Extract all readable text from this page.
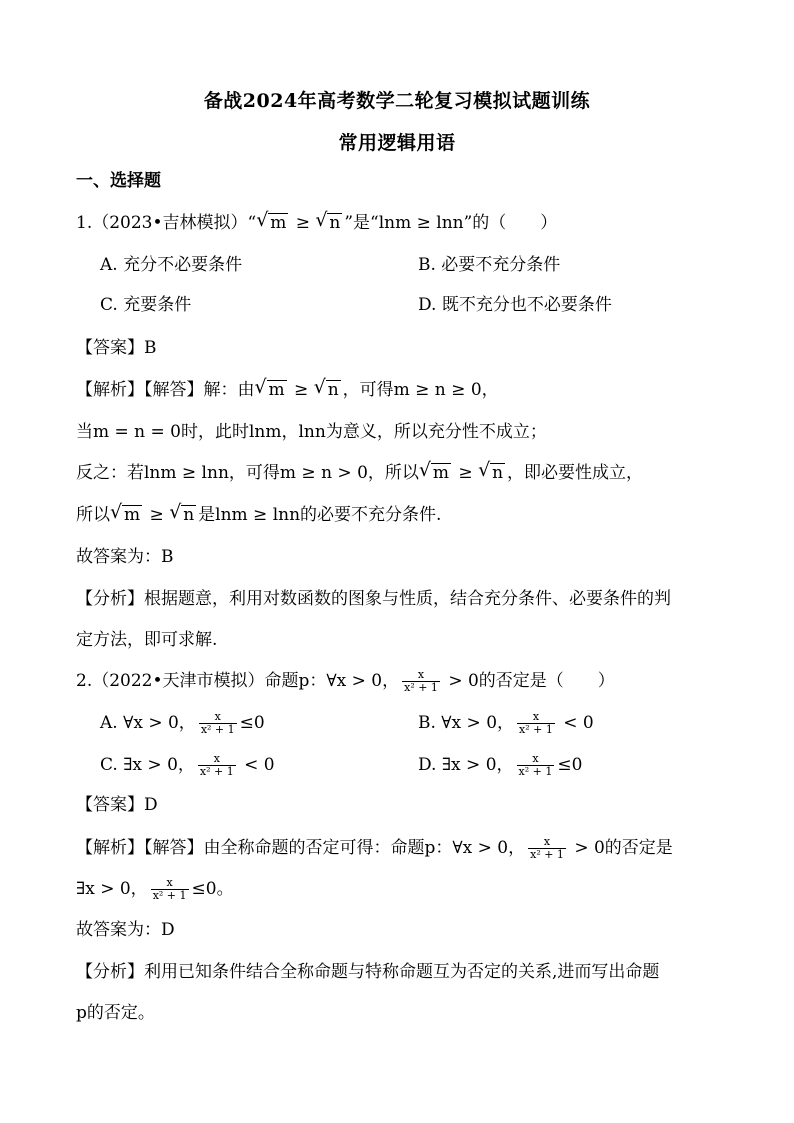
备战2024年高考数学二轮复习模拟试题训练
常用逻辑用语
一、选择题
1.（2023•吉林模拟）“ √ m ≥ √ n ”是“lnm ≥ lnn”的（　　）
A. 充分不必要条件	B. 必要不充分条件
C. 充要条件	D. 既不充分也不必要条件
【答案】B
【解析】【解答】解：由 √ m ≥ √ n ，可得m ≥ n ≥ 0，
当m = n = 0时，此时lnm，lnn为意义，所以充分性不成立；
反之：若lnm ≥ lnn，可得m ≥ n > 0，所以 √ m ≥ √ n ，即必要性成立，
所以 √ m ≥ √ n 是lnm ≥ lnn的必要不充分条件.
故答案为：B
【分析】根据题意，利用对数函数的图象与性质，结合充分条件、必要条件的判
定方法，即可求解.
2.（2022•天津市模拟）命题p：∀x > 0， $\frac{x}{\text{x² + 1}} > 0$的否定是（　　）
A. ∀x > 0， $\frac{x}{\text{x² + 1}} \le 0$	B. ∀x > 0， $\frac{x}{\text{x² + 1}} < 0$
C. ∃x > 0， $\frac{x}{\text{x² + 1}} < 0$	D. ∃x > 0， $\frac{x}{\text{x² + 1}} \le 0$
【答案】D
【解析】【解答】由全称命题的否定可得：命题p：∀x > 0， $\frac{x}{\text{x² + 1}} > 0$的否定是
∃x > 0， $\frac{x}{\text{x² + 1}} \le 0$。
故答案为：D
【分析】利用已知条件结合全称命题与特称命题互为否定的关系,进而写出命题
p的否定。
